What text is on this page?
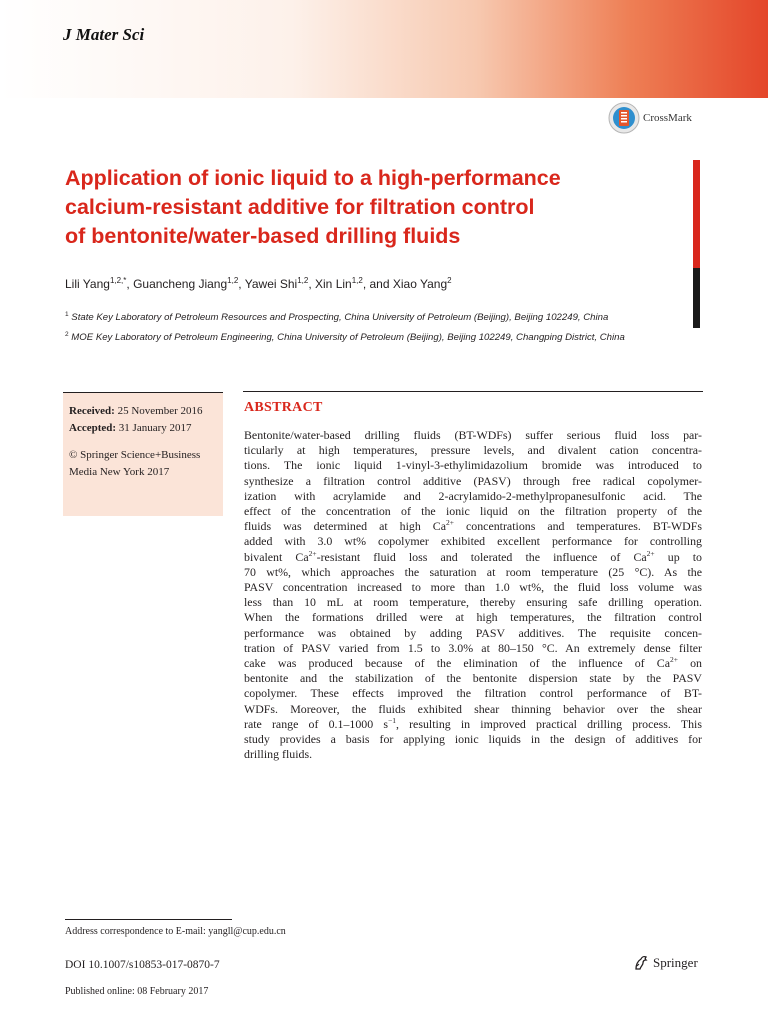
J Mater Sci
CrossMark
Application of ionic liquid to a high-performance
calcium-resistant additive for filtration control
of bentonite/water-based drilling fluids
Lili Yang$^{1,2,*}$, Guancheng Jiang$^{1,2}$, Yawei Shi$^{1,2}$, Xin Lin$^{1,2}$, and Xiao Yang$^2$
$^1$ State Key Laboratory of Petroleum Resources and Prospecting, China University of Petroleum (Beijing), Beijing 102249, China
$^2$ MOE Key Laboratory of Petroleum Engineering, China University of Petroleum (Beijing), Beijing 102249, Changping District, China
Received: 25 November 2016
Accepted: 31 January 2017
© Springer Science+Business
Media New York 2017
ABSTRACT
Bentonite/water-based drilling fluids (BT-WDFs) suffer serious fluid loss par-
ticularly at high temperatures, pressure levels, and divalent cation concentra-
tions. The ionic liquid 1-vinyl-3-ethylimidazolium bromide was introduced to
synthesize a filtration control additive (PASV) through free radical copolymer-
ization with acrylamide and 2-acrylamido-2-methylpropanesulfonic acid. The
effect of the concentration of the ionic liquid on the filtration property of the
fluids was determined at high $Ca^{2+}$ concentrations and temperatures. BT-WDFs
added with 3.0 wt% copolymer exhibited excellent performance for controlling
bivalent $Ca^{2+}$-resistant fluid loss and tolerated the influence of $Ca^{2+}$ up to
70 wt%, which approaches the saturation at room temperature (25 °C). As the
PASV concentration increased to more than 1.0 wt%, the fluid loss volume was
less than 10 mL at room temperature, thereby ensuring safe drilling operation.
When the formations drilled were at high temperatures, the filtration control
performance was obtained by adding PASV additives. The requisite concen-
tration of PASV varied from 1.5 to 3.0% at 80–150 °C. An extremely dense filter
cake was produced because of the elimination of the influence of $Ca^{2+}$ on
bentonite and the stabilization of the bentonite dispersion state by the PASV
copolymer. These effects improved the filtration control performance of BT-
WDFs. Moreover, the fluids exhibited shear thinning behavior over the shear
rate range of 0.1–1000 $s^{-1}$, resulting in improved practical drilling process. This
study provides a basis for applying ionic liquids in the design of additives for
drilling fluids.
Address correspondence to E-mail: yangll@cup.edu.cn
DOI 10.1007/s10853-017-0870-7
Published online: 08 February 2017
Springer
